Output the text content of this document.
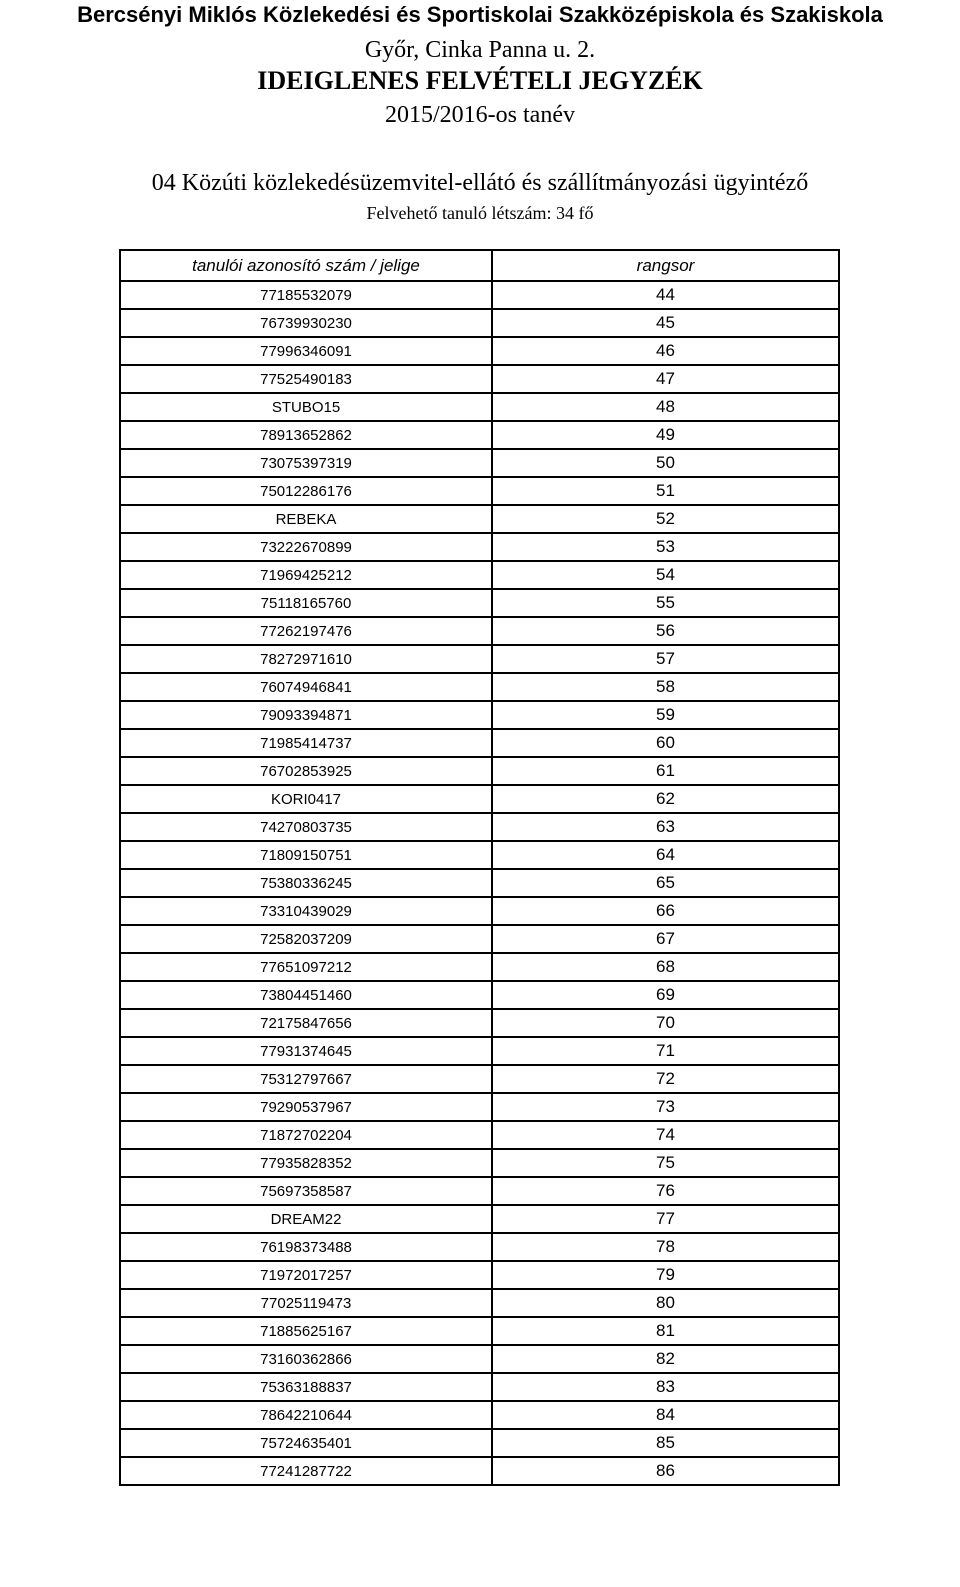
Bercsényi Miklós Közlekedési és Sportiskolai Szakközépiskola és Szakiskola
Győr, Cinka Panna u. 2.
IDEIGLENES FELVÉTELI JEGYZÉK
2015/2016-os tanév
04 Közúti közlekedésüzemvitel-ellátó és szállítmányozási ügyintéző
Felvehető tanuló létszám: 34 fő
tanulói azonosító szám / jelige	rangsor
77185532079	44
76739930230	45
77996346091	46
77525490183	47
STUBO15	48
78913652862	49
73075397319	50
75012286176	51
REBEKA	52
73222670899	53
71969425212	54
75118165760	55
77262197476	56
78272971610	57
76074946841	58
79093394871	59
71985414737	60
76702853925	61
KORI0417	62
74270803735	63
71809150751	64
75380336245	65
73310439029	66
72582037209	67
77651097212	68
73804451460	69
72175847656	70
77931374645	71
75312797667	72
79290537967	73
71872702204	74
77935828352	75
75697358587	76
DREAM22	77
76198373488	78
71972017257	79
77025119473	80
71885625167	81
73160362866	82
75363188837	83
78642210644	84
75724635401	85
77241287722	86
